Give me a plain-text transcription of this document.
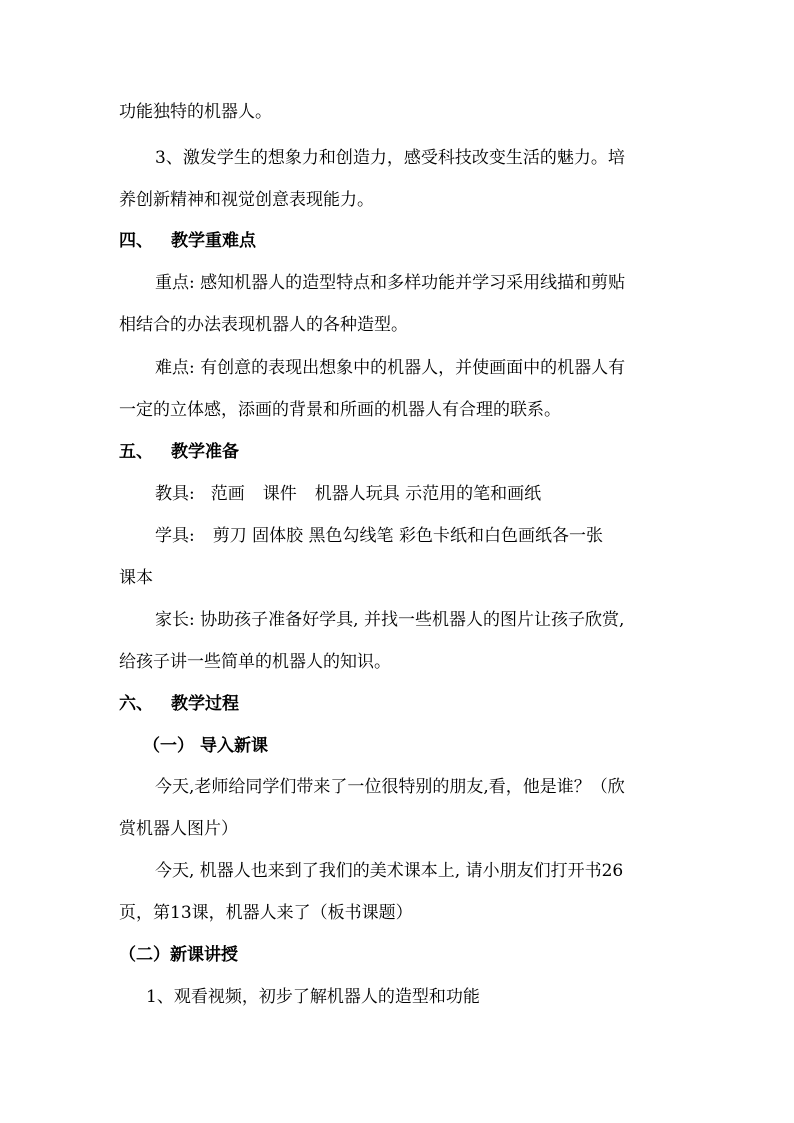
功能独特的机器人。
3、激发学生的想象力和创造力，感受科技改变生活的魅力。培
养创新精神和视觉创意表现能力。
四、 教学重难点
重点: 感知机器人的造型特点和多样功能并学习采用线描和剪贴
相结合的办法表现机器人的各种造型。
难点: 有创意的表现出想象中的机器人，并使画面中的机器人有
一定的立体感，添画的背景和所画的机器人有合理的联系。
五、 教学准备
教具: 范画 课件 机器人玩具 示范用的笔和画纸
学具: 剪刀 固体胶 黑色勾线笔 彩色卡纸和白色画纸各一张
课本
家长: 协助孩子准备好学具, 并找一些机器人的图片让孩子欣赏,
给孩子讲一些简单的机器人的知识。
六、 教学过程
（一） 导入新课
今天,老师给同学们带来了一位很特别的朋友,看，他是谁？（欣
赏机器人图片）
今天, 机器人也来到了我们的美术课本上, 请小朋友们打开书26
页，第13课，机器人来了（板书课题）
（二）新课讲授
1、观看视频，初步了解机器人的造型和功能
